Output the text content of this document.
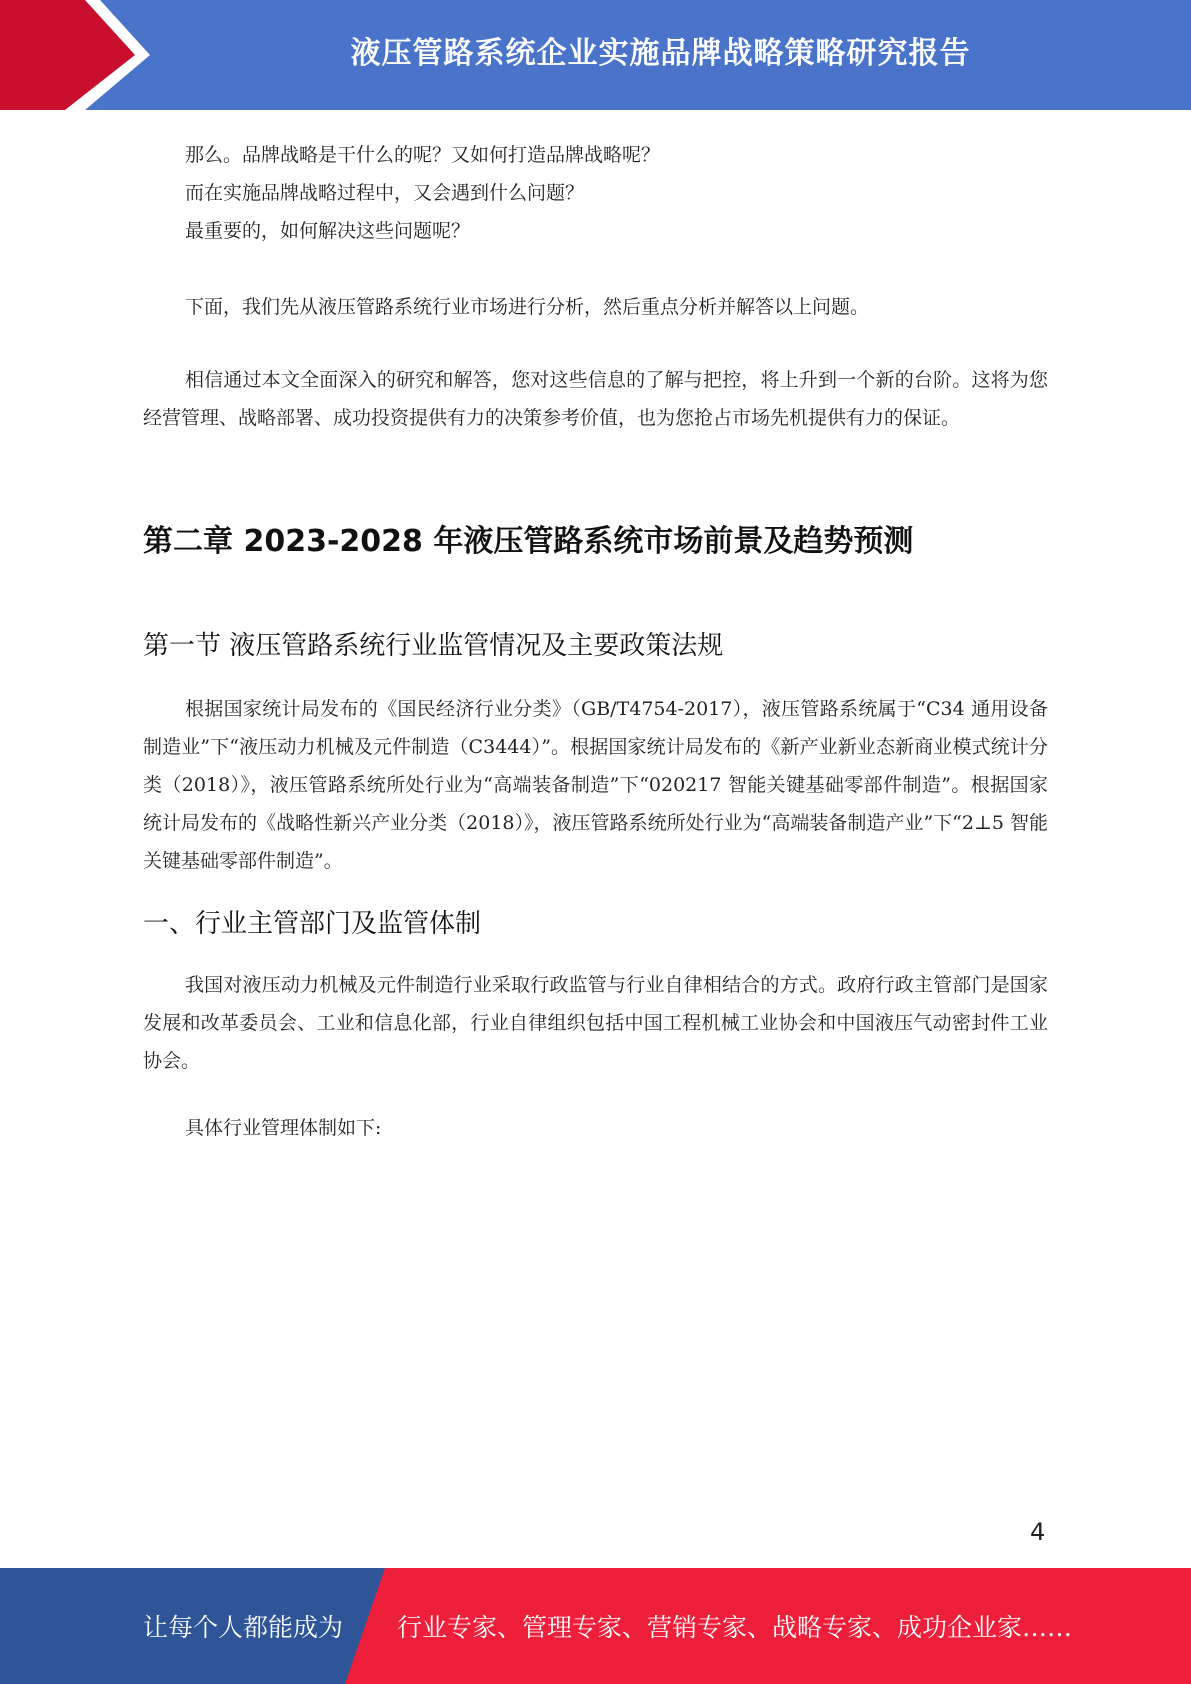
液压管路系统企业实施品牌战略策略研究报告
那么。品牌战略是干什么的呢？又如何打造品牌战略呢？
而在实施品牌战略过程中，又会遇到什么问题？
最重要的，如何解决这些问题呢？
下面，我们先从液压管路系统行业市场进行分析，然后重点分析并解答以上问题。
相信通过本文全面深入的研究和解答，您对这些信息的了解与把控，将上升到一个新的台阶。这将为您经营管理、战略部署、成功投资提供有力的决策参考价值，也为您抢占市场先机提供有力的保证。
第二章 2023-2028 年液压管路系统市场前景及趋势预测
第一节 液压管路系统行业监管情况及主要政策法规
根据国家统计局发布的《国民经济行业分类》（GB/T4754-2017），液压管路系统属于“C34 通用设备制造业”下“液压动力机械及元件制造（C3444）”。根据国家统计局发布的《新产业新业态新商业模式统计分类（2018）》，液压管路系统所处行业为“高端装备制造”下“020217 智能关键基础零部件制造”。根据国家统计局发布的《战略性新兴产业分类（2018）》，液压管路系统所处行业为“高端装备制造产业”下“2⊥5 智能关键基础零部件制造”。
一、行业主管部门及监管体制
我国对液压动力机械及元件制造行业采取行政监管与行业自律相结合的方式。政府行政主管部门是国家发展和改革委员会、工业和信息化部，行业自律组织包括中国工程机械工业协会和中国液压气动密封件工业协会。
具体行业管理体制如下:
4
让每个人都能成为 行业专家、管理专家、营销专家、战略专家、成功企业家……
